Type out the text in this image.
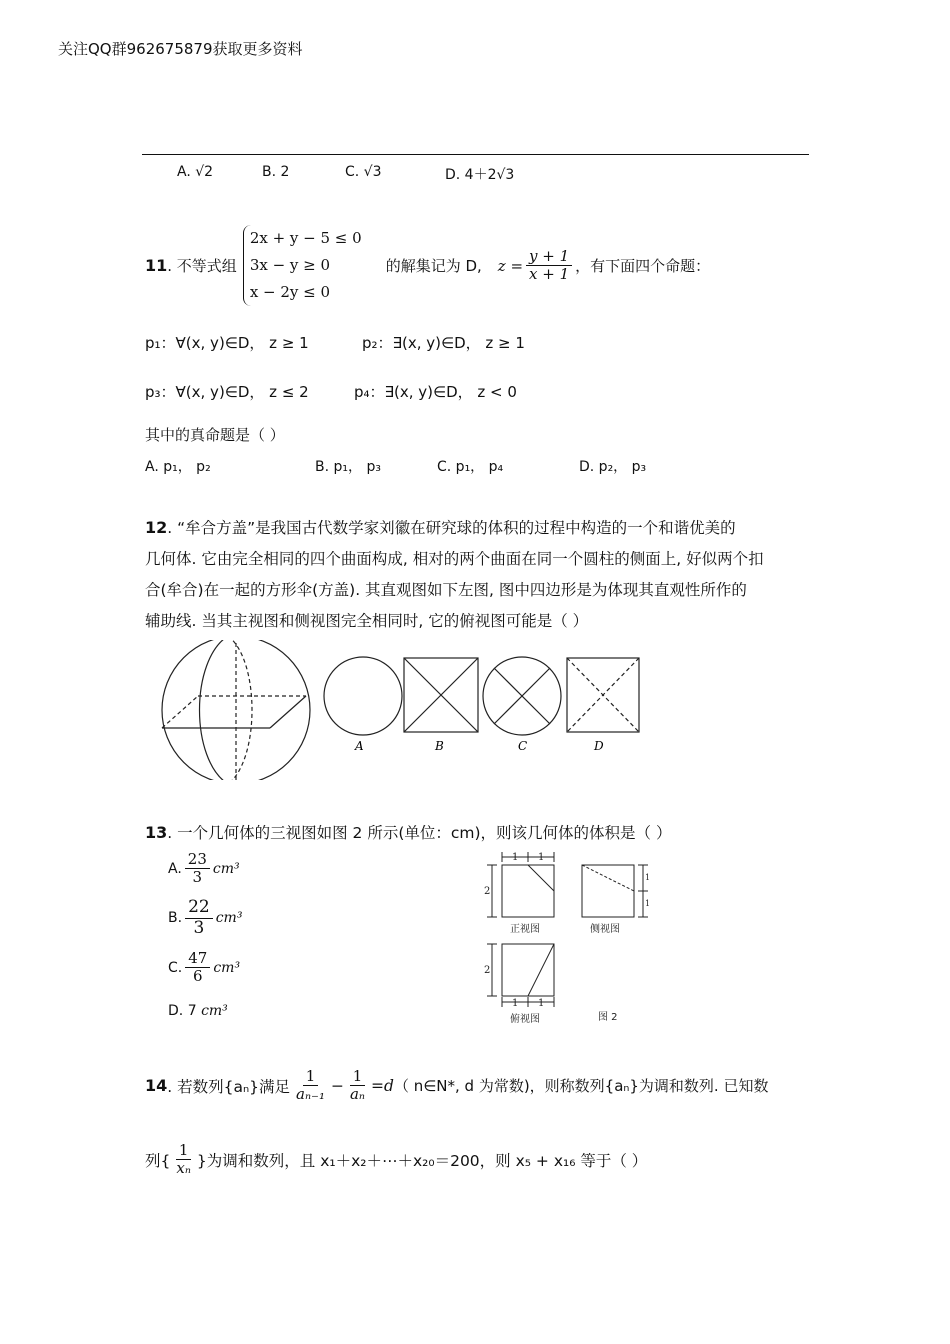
关注QQ群962675879获取更多资料
A. √2	B. 2	C. √3	D. 4＋2√3
11 . 不等式组
2x + y − 5 ≤ 0
3x − y ≥ 0
x − 2y ≤ 0
的解集记为 D, $z = \frac{y + 1}{x + 1}$ ，有下面四个命题：
p₁：∀(x, y)∈D， z ≥ 1	p₂：∃(x, y)∈D， z ≥ 1
p₃：∀(x, y)∈D， z ≤ 2	p₄：∃(x, y)∈D， z < 0
其中的真命题是（ ）
A. p₁， p₂	B. p₁， p₃	C. p₁， p₄	D. p₂， p₃
12. “牟合方盖”是我国古代数学家刘徽在研究球的体积的过程中构造的一个和谐优美的
几何体. 它由完全相同的四个曲面构成, 相对的两个曲面在同一个圆柱的侧面上, 好似两个扣
合(牟合)在一起的方形伞(方盖). 其直观图如下左图, 图中四边形是为体现其直观性所作的
辅助线. 当其主视图和侧视图完全相同时, 它的俯视图可能是（ ）
A	B	C	D
13. 一个几何体的三视图如图 2 所示(单位：cm)，则该几何体的体积是（ ）
A. $\frac{23}{3} cm^3$
B. $\frac{22}{3} cm^3$
C. $\frac{47}{6} cm^3$
D. 7 cm³
1 1
2
1
1
2
1 1
正视图	侧视图
俯视图	图 2
14 . 若数列{aₙ}满足 $\frac{1}{\text{aₙ₋₁}} - \frac{1}{\text{aₙ}} =d$ （ n∈N*, d 为常数)，则称数列{aₙ}为调和数列. 已知数
列{ $\frac{1}{\text{xₙ}}$ }为调和数列，且 x₁＋x₂＋⋯＋x₂₀＝200，则 x₅ + x₁₆ 等于（ ）
